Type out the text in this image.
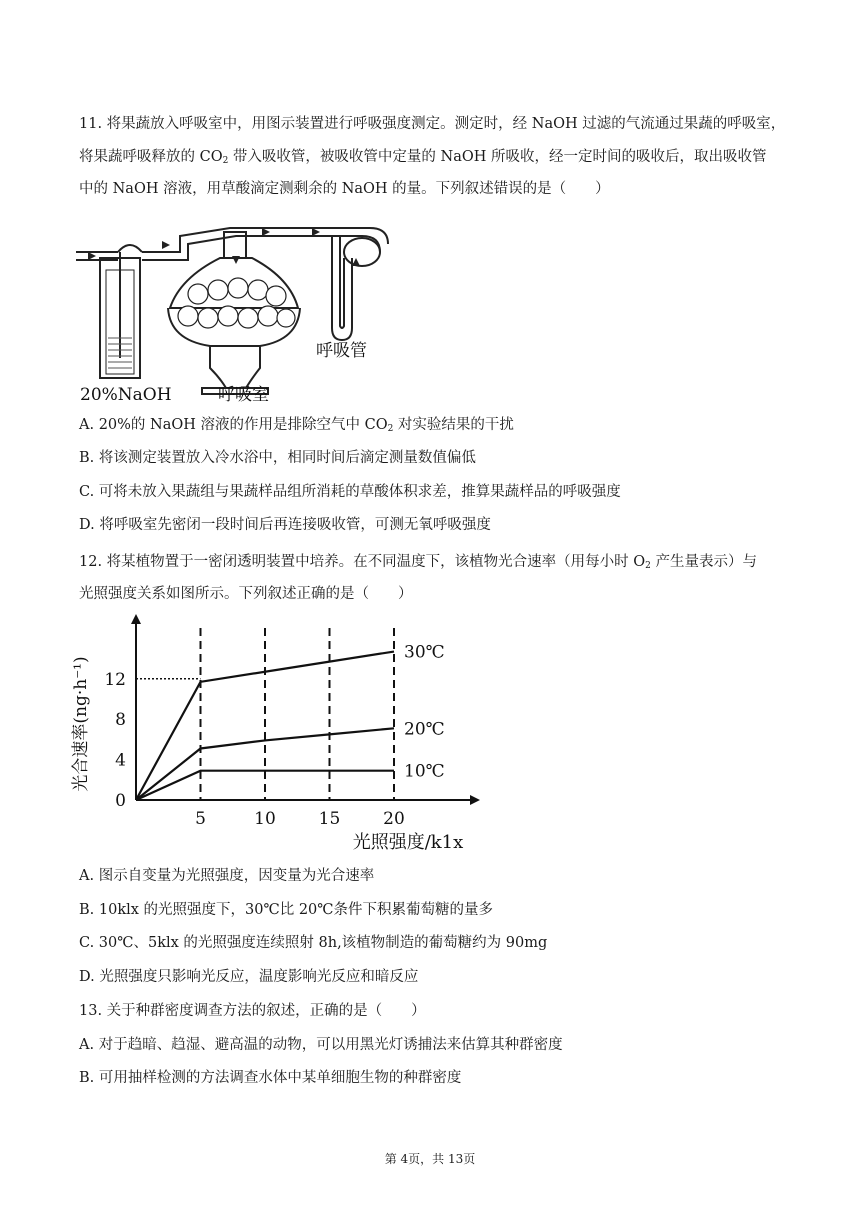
11. 将果蔬放入呼吸室中，用图示装置进行呼吸强度测定。测定时，经 NaOH 过滤的气流通过果蔬的呼吸室，
将果蔬呼吸释放的 $CO_2$ 带入吸收管，被吸收管中定量的 NaOH 所吸收，经一定时间的吸收后，取出吸收管
中的 NaOH 溶液，用草酸滴定测剩余的 NaOH 的量。下列叙述错误的是（　　）
20%NaOH	呼吸室
呼吸管
A. 20%的 NaOH 溶液的作用是排除空气中 $CO_2$ 对实验结果的干扰
B. 将该测定装置放入冷水浴中，相同时间后滴定测量数值偏低
C. 可将未放入果蔬组与果蔬样品组所消耗的草酸体积求差，推算果蔬样品的呼吸强度
D. 将呼吸室先密闭一段时间后再连接吸收管，可测无氧呼吸强度
12. 将某植物置于一密闭透明装置中培养。在不同温度下，该植物光合速率（用每小时 $O_2$ 产生量表示）与
光照强度关系如图所示。下列叙述正确的是（　　）
光合速率(ng·h⁻¹)
光照强度/k1x
5	10	15	20
0
4
8
12
30℃
20℃
10℃
A. 图示自变量为光照强度，因变量为光合速率
B. 10klx 的光照强度下，30℃比 20℃条件下积累葡萄糖的量多
C. 30℃、5klx 的光照强度连续照射 8h,该植物制造的葡萄糖约为 90mg
D. 光照强度只影响光反应，温度影响光反应和暗反应
13. 关于种群密度调查方法的叙述，正确的是（　　）
A. 对于趋暗、趋湿、避高温的动物，可以用黑光灯诱捕法来估算其种群密度
B. 可用抽样检测的方法调查水体中某单细胞生物的种群密度
第 4页，共 13页
